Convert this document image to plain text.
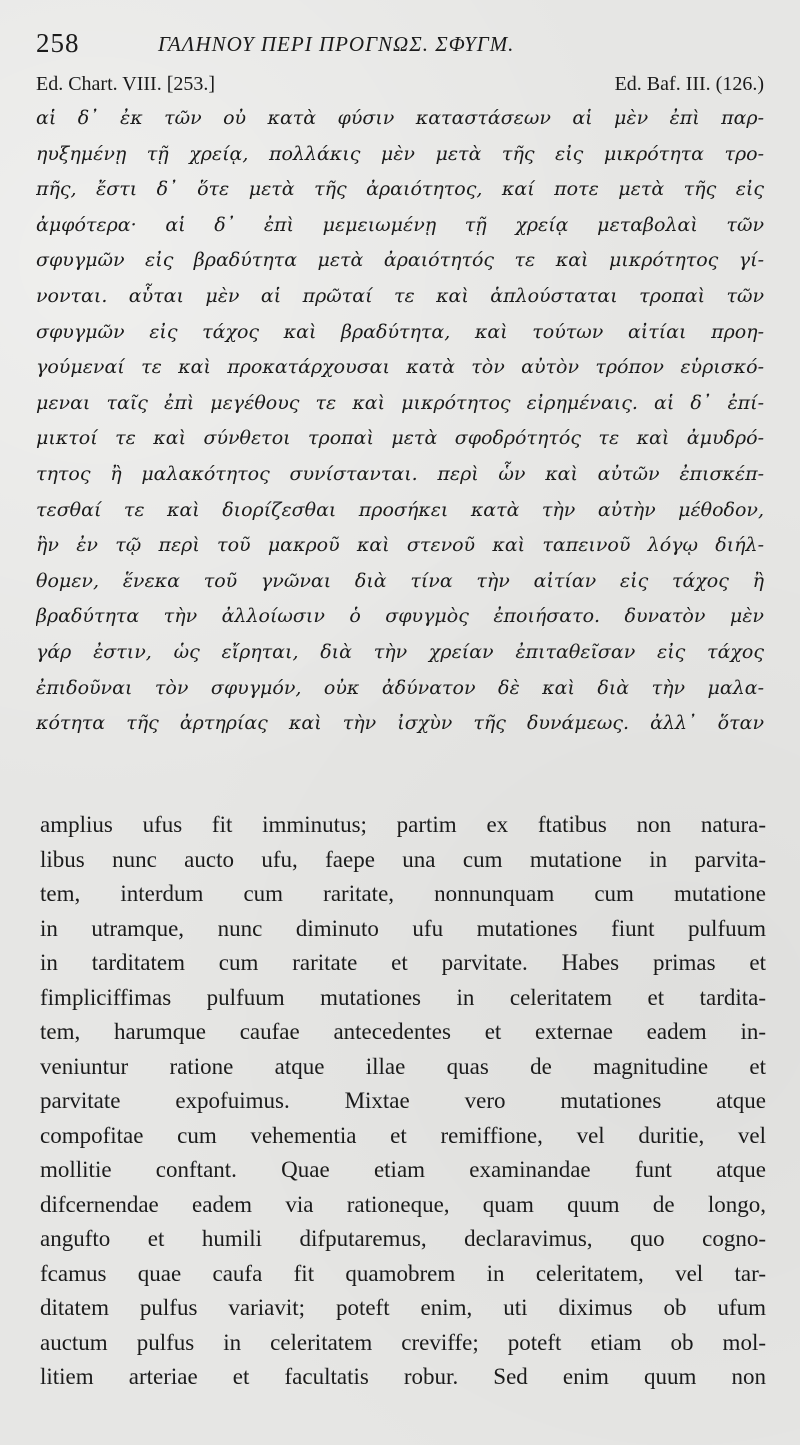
258	ΓΑΛΗΝΟΥ ΠΕΡΙ ΠΡΟΓΝΩΣ. ΣΦΥΓΜ.
Ed. Chart. VIII. [253.]	Ed. Baf. III. (126.)
αἱ δ᾽ ἐκ τῶν οὐ κατὰ φύσιν καταστάσεων αἱ μὲν ἐπὶ παρ-
ηυξημένῃ τῇ χρείᾳ, πολλάκις μὲν μετὰ τῆς εἰς μικρότητα τρο-
πῆς, ἔστι δ᾽ ὅτε μετὰ τῆς ἀραιότητος, καί ποτε μετὰ τῆς εἰς
ἀμφότερα· αἱ δ᾽ ἐπὶ μεμειωμένῃ τῇ χρείᾳ μεταβολαὶ τῶν
σφυγμῶν εἰς βραδύτητα μετὰ ἀραιότητός τε καὶ μικρότητος γί-
νονται. αὗται μὲν αἱ πρῶταί τε καὶ ἁπλούσταται τροπαὶ τῶν
σφυγμῶν εἰς τάχος καὶ βραδύτητα, καὶ τούτων αἰτίαι προη-
γούμεναί τε καὶ προκατάρχουσαι κατὰ τὸν αὐτὸν τρόπον εὑρισκό-
μεναι ταῖς ἐπὶ μεγέθους τε καὶ μικρότητος εἰρημέναις. αἱ δ᾽ ἐπί-
μικτοί τε καὶ σύνθετοι τροπαὶ μετὰ σφοδρότητός τε καὶ ἀμυδρό-
τητος ἢ μαλακότητος συνίστανται. περὶ ὧν καὶ αὐτῶν ἐπισκέπ-
τεσθαί τε καὶ διορίζεσθαι προσήκει κατὰ τὴν αὐτὴν μέθοδον,
ἣν ἐν τῷ περὶ τοῦ μακροῦ καὶ στενοῦ καὶ ταπεινοῦ λόγῳ διήλ-
θομεν, ἕνεκα τοῦ γνῶναι διὰ τίνα τὴν αἰτίαν εἰς τάχος ἢ
βραδύτητα τὴν ἀλλοίωσιν ὁ σφυγμὸς ἐποιήσατο. δυνατὸν μὲν
γάρ ἐστιν, ὡς εἴρηται, διὰ τὴν χρείαν ἐπιταθεῖσαν εἰς τάχος
ἐπιδοῦναι τὸν σφυγμόν, οὐκ ἀδύνατον δὲ καὶ διὰ τὴν μαλα-
κότητα τῆς ἀρτηρίας καὶ τὴν ἰσχὺν τῆς δυνάμεως. ἀλλ᾽ ὅταν
amplius ufus fit imminutus; partim ex ftatibus non natura-
libus nunc aucto ufu, faepe una cum mutatione in parvita-
tem, interdum cum raritate, nonnunquam cum mutatione
in utramque, nunc diminuto ufu mutationes fiunt pulfuum
in tarditatem cum raritate et parvitate. Habes primas et
fimpliciffimas pulfuum mutationes in celeritatem et tardita-
tem, harumque caufae antecedentes et externae eadem in-
veniuntur ratione atque illae quas de magnitudine et
parvitate expofuimus. Mixtae vero mutationes atque
compofitae cum vehementia et remiffione, vel duritie, vel
mollitie conftant. Quae etiam examinandae funt atque
difcernendae eadem via rationeque, quam quum de longo,
angufto et humili difputaremus, declaravimus, quo cogno-
fcamus quae caufa fit quamobrem in celeritatem, vel tar-
ditatem pulfus variavit; poteft enim, uti diximus ob ufum
auctum pulfus in celeritatem creviffe; poteft etiam ob mol-
litiem arteriae et facultatis robur. Sed enim quum non
